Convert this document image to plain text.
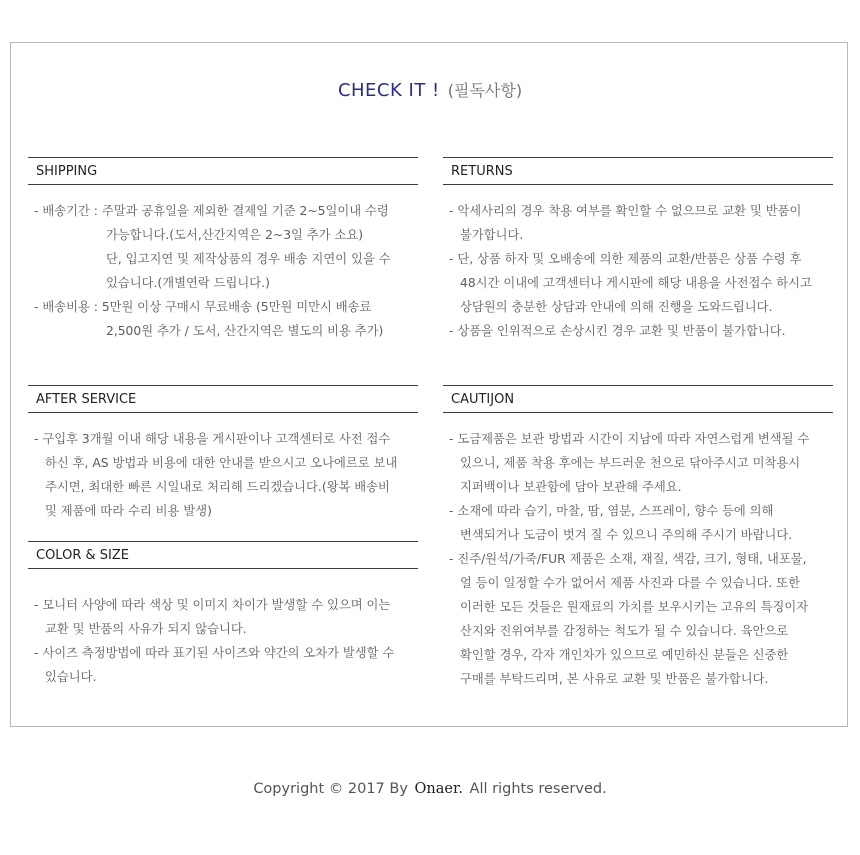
CHECK IT ! (필독사항)
SHIPPING
- 배송기간 : 주말과 공휴일을 제외한 결제일 기준 2~5일이내 수령
가능합니다.(도서,산간지역은 2~3일 추가 소요)
단, 입고지연 및 제작상품의 경우 배송 지연이 있을 수
있습니다.(개별연락 드립니다.)
- 배송비용 : 5만원 이상 구매시 무료배송 (5만원 미만시 배송료
2,500원 추가 / 도서, 산간지역은 별도의 비용 추가)
RETURNS
- 악세사리의 경우 착용 여부를 확인할 수 없으므로 교환 및 반품이
불가합니다.
- 단, 상품 하자 및 오배송에 의한 제품의 교환/반품은 상품 수령 후
48시간 이내에 고객센터나 게시판에 해당 내용을 사전접수 하시고
상담원의 충분한 상담과 안내에 의해 진행을 도와드립니다.
- 상품을 인위적으로 손상시킨 경우 교환 및 반품이 불가합니다.
AFTER SERVICE
- 구입후 3개월 이내 해당 내용을 게시판이나 고객센터로 사전 접수
하신 후, AS 방법과 비용에 대한 안내를 받으시고 오나에르로 보내
주시면, 최대한 빠른 시일내로 처리해 드리겠습니다.(왕복 배송비
및 제품에 따라 수리 비용 발생)
COLOR & SIZE
- 모니터 사양에 따라 색상 및 이미지 차이가 발생할 수 있으며 이는
교환 및 반품의 사유가 되지 않습니다.
- 사이즈 측정방법에 따라 표기된 사이즈와 약간의 오차가 발생할 수
있습니다.
CAUTIJON
- 도금제품은 보관 방법과 시간이 지남에 따라 자연스럽게 변색될 수
있으니, 제품 착용 후에는 부드러운 천으로 닦아주시고 미착용시
지퍼백이나 보관함에 담아 보관해 주세요.
- 소재에 따라 습기, 마찰, 땀, 염분, 스프레이, 향수 등에 의해
변색되거나 도금이 벗겨 질 수 있으니 주의해 주시기 바랍니다.
- 진주/원석/가죽/FUR 제품은 소재, 재질, 색감, 크기, 형태, 내포물,
얼 등이 일정할 수가 없어서 제품 사진과 다를 수 있습니다. 또한
이러한 모든 것들은 원재료의 가치를 보우시키는 고유의 특징이자
산지와 진위여부를 감정하는 척도가 될 수 있습니다. 육안으로
확인할 경우, 각자 개인차가 있으므로 예민하신 분들은 신중한
구매를 부탁드리며, 본 사유로 교환 및 반품은 불가합니다.
Copyright © 2017 By Onaer. All rights reserved.
